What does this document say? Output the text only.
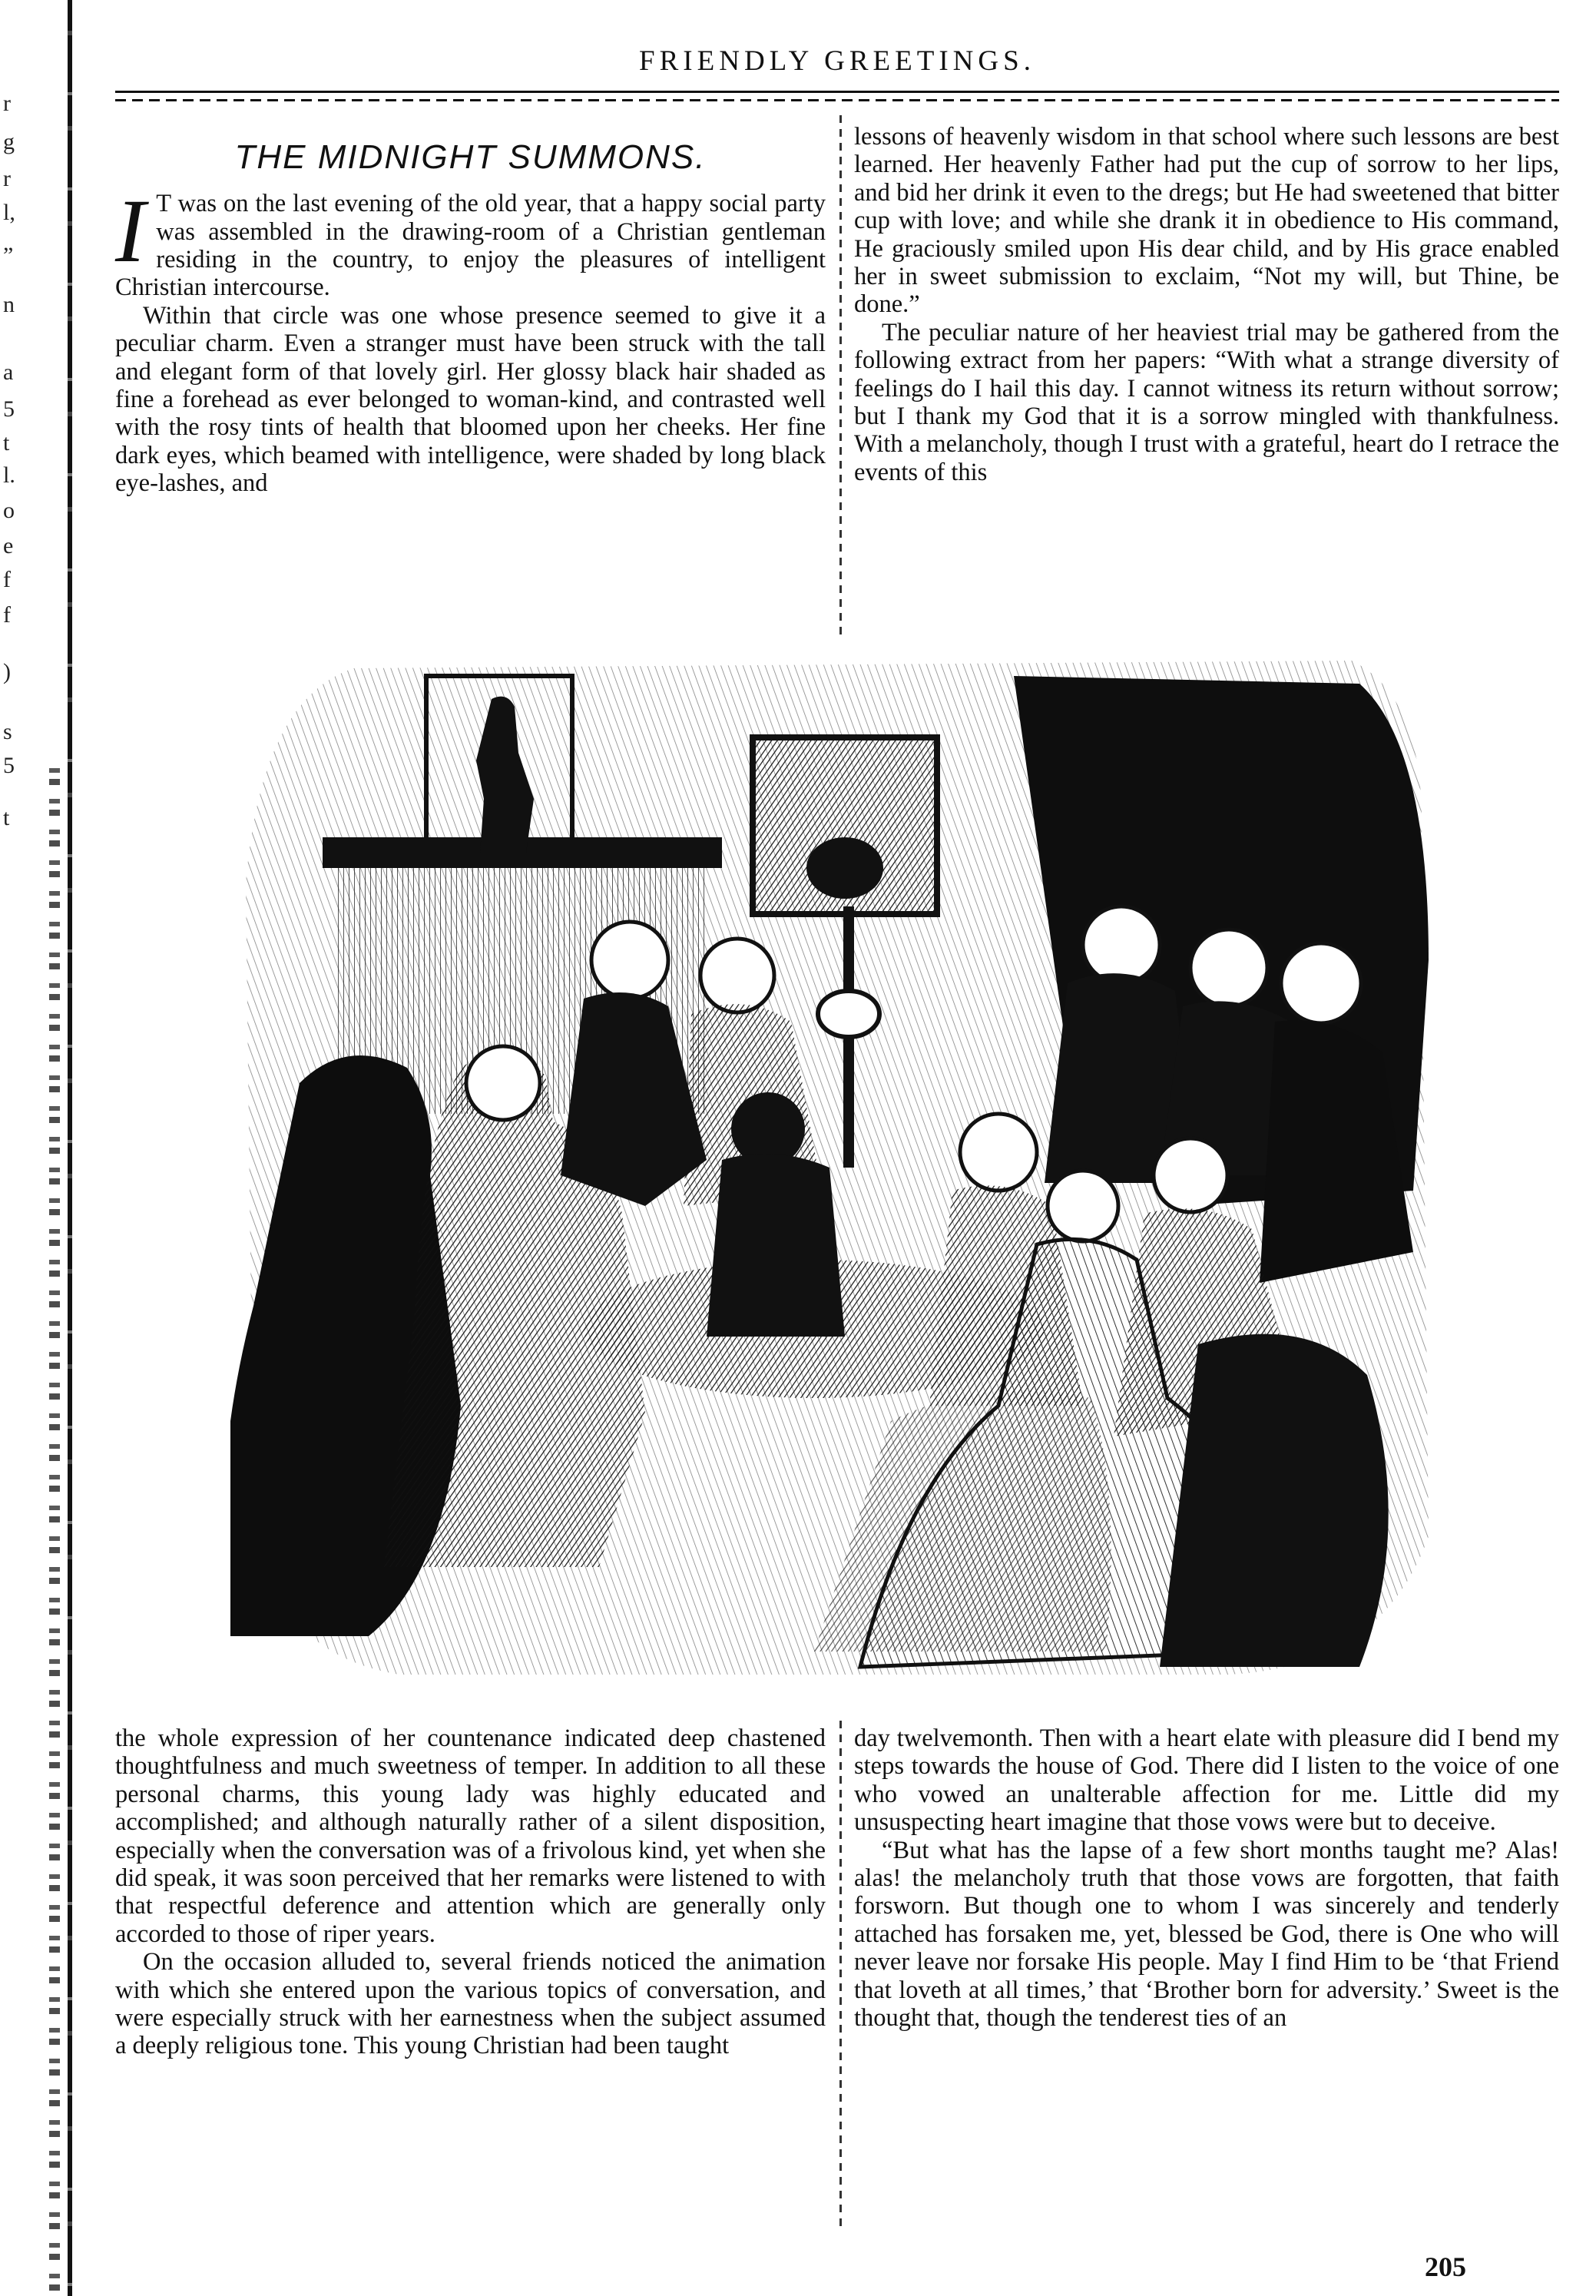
r
g
r
l,
”
n
a
5
t
l.
o
e
f
f
)
s
5
t
FRIENDLY GREETINGS.
THE MIDNIGHT SUMMONS.

I T was on the last evening of the old year, that a happy social party was assembled in the drawing-room of a Christian gentleman residing in the country, to enjoy the pleasures of intelligent Christian intercourse.

Within that circle was one whose presence seemed to give it a peculiar charm. Even a stranger must have been struck with the tall and elegant form of that lovely girl. Her glossy black hair shaded as fine a forehead as ever belonged to woman-kind, and contrasted well with the rosy tints of health that bloomed upon her cheeks. Her fine dark eyes, which beamed with intelligence, were shaded by long black eye-lashes, and

lessons of heavenly wisdom in that school where such lessons are best learned. Her heavenly Father had put the cup of sorrow to her lips, and bid her drink it even to the dregs; but He had sweetened that bitter cup with love; and while she drank it in obedience to His command, He graciously smiled upon His dear child, and by His grace enabled her in sweet submission to exclaim, “Not my will, but Thine, be done.”

The peculiar nature of her heaviest trial may be gathered from the following extract from her papers: “With what a strange diversity of feelings do I hail this day. I cannot witness its return without sorrow; but I thank my God that it is a sorrow mingled with thankfulness. With a melancholy, though I trust with a grateful, heart do I retrace the events of this

the whole expression of her countenance indicated deep chastened thoughtfulness and much sweetness of temper. In addition to all these personal charms, this young lady was highly educated and accomplished; and although naturally rather of a silent disposition, especially when the conversation was of a frivolous kind, yet when she did speak, it was soon perceived that her remarks were listened to with that respectful deference and attention which are generally only accorded to those of riper years.

On the occasion alluded to, several friends noticed the animation with which she entered upon the various topics of conversation, and were especially struck with her earnestness when the subject assumed a deeply religious tone. This young Christian had been taught

day twelvemonth. Then with a heart elate with pleasure did I bend my steps towards the house of God. There did I listen to the voice of one who vowed an unalterable affection for me. Little did my unsuspecting heart imagine that those vows were but to deceive.

“But what has the lapse of a few short months taught me? Alas! alas! the melancholy truth that those vows are forgotten, that faith forsworn. But though one to whom I was sincerely and tenderly attached has forsaken me, yet, blessed be God, there is One who will never leave nor forsake His people. May I find Him to be ‘that Friend that loveth at all times,’ that ‘Brother born for adversity.’ Sweet is the thought that, though the tenderest ties of an

205
